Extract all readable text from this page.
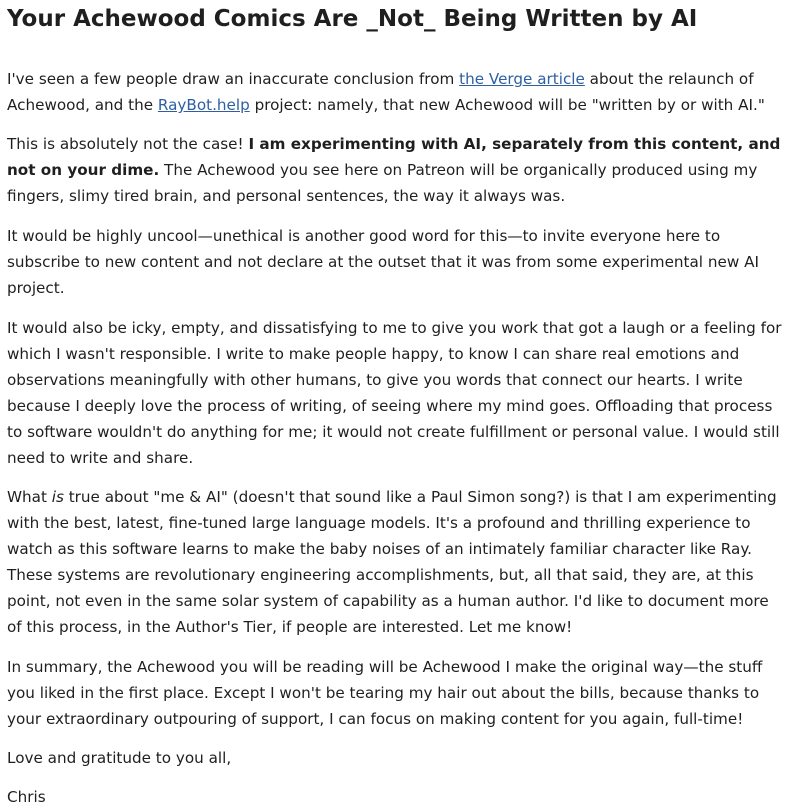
Your Achewood Comics Are _Not_ Being Written by AI

I've seen a few people draw an inaccurate conclusion from the Verge article about the relaunch of Achewood, and the RayBot.help project: namely, that new Achewood will be "written by or with AI."

This is absolutely not the case! I am experimenting with AI, separately from this content, and not on your dime. The Achewood you see here on Patreon will be organically produced using my fingers, slimy tired brain, and personal sentences, the way it always was.

It would be highly uncool—unethical is another good word for this—to invite everyone here to subscribe to new content and not declare at the outset that it was from some experimental new AI project.

It would also be icky, empty, and dissatisfying to me to give you work that got a laugh or a feeling for which I wasn't responsible. I write to make people happy, to know I can share real emotions and observations meaningfully with other humans, to give you words that connect our hearts. I write because I deeply love the process of writing, of seeing where my mind goes. Offloading that process to software wouldn't do anything for me; it would not create fulfillment or personal value. I would still need to write and share.

What is true about "me & AI" (doesn't that sound like a Paul Simon song?) is that I am experimenting with the best, latest, fine-tuned large language models. It's a profound and thrilling experience to watch as this software learns to make the baby noises of an intimately familiar character like Ray. These systems are revolutionary engineering accomplishments, but, all that said, they are, at this point, not even in the same solar system of capability as a human author. I'd like to document more of this process, in the Author's Tier, if people are interested. Let me know!

In summary, the Achewood you will be reading will be Achewood I make the original way—the stuff you liked in the first place. Except I won't be tearing my hair out about the bills, because thanks to your extraordinary outpouring of support, I can focus on making content for you again, full-time!

Love and gratitude to you all,

Chris
